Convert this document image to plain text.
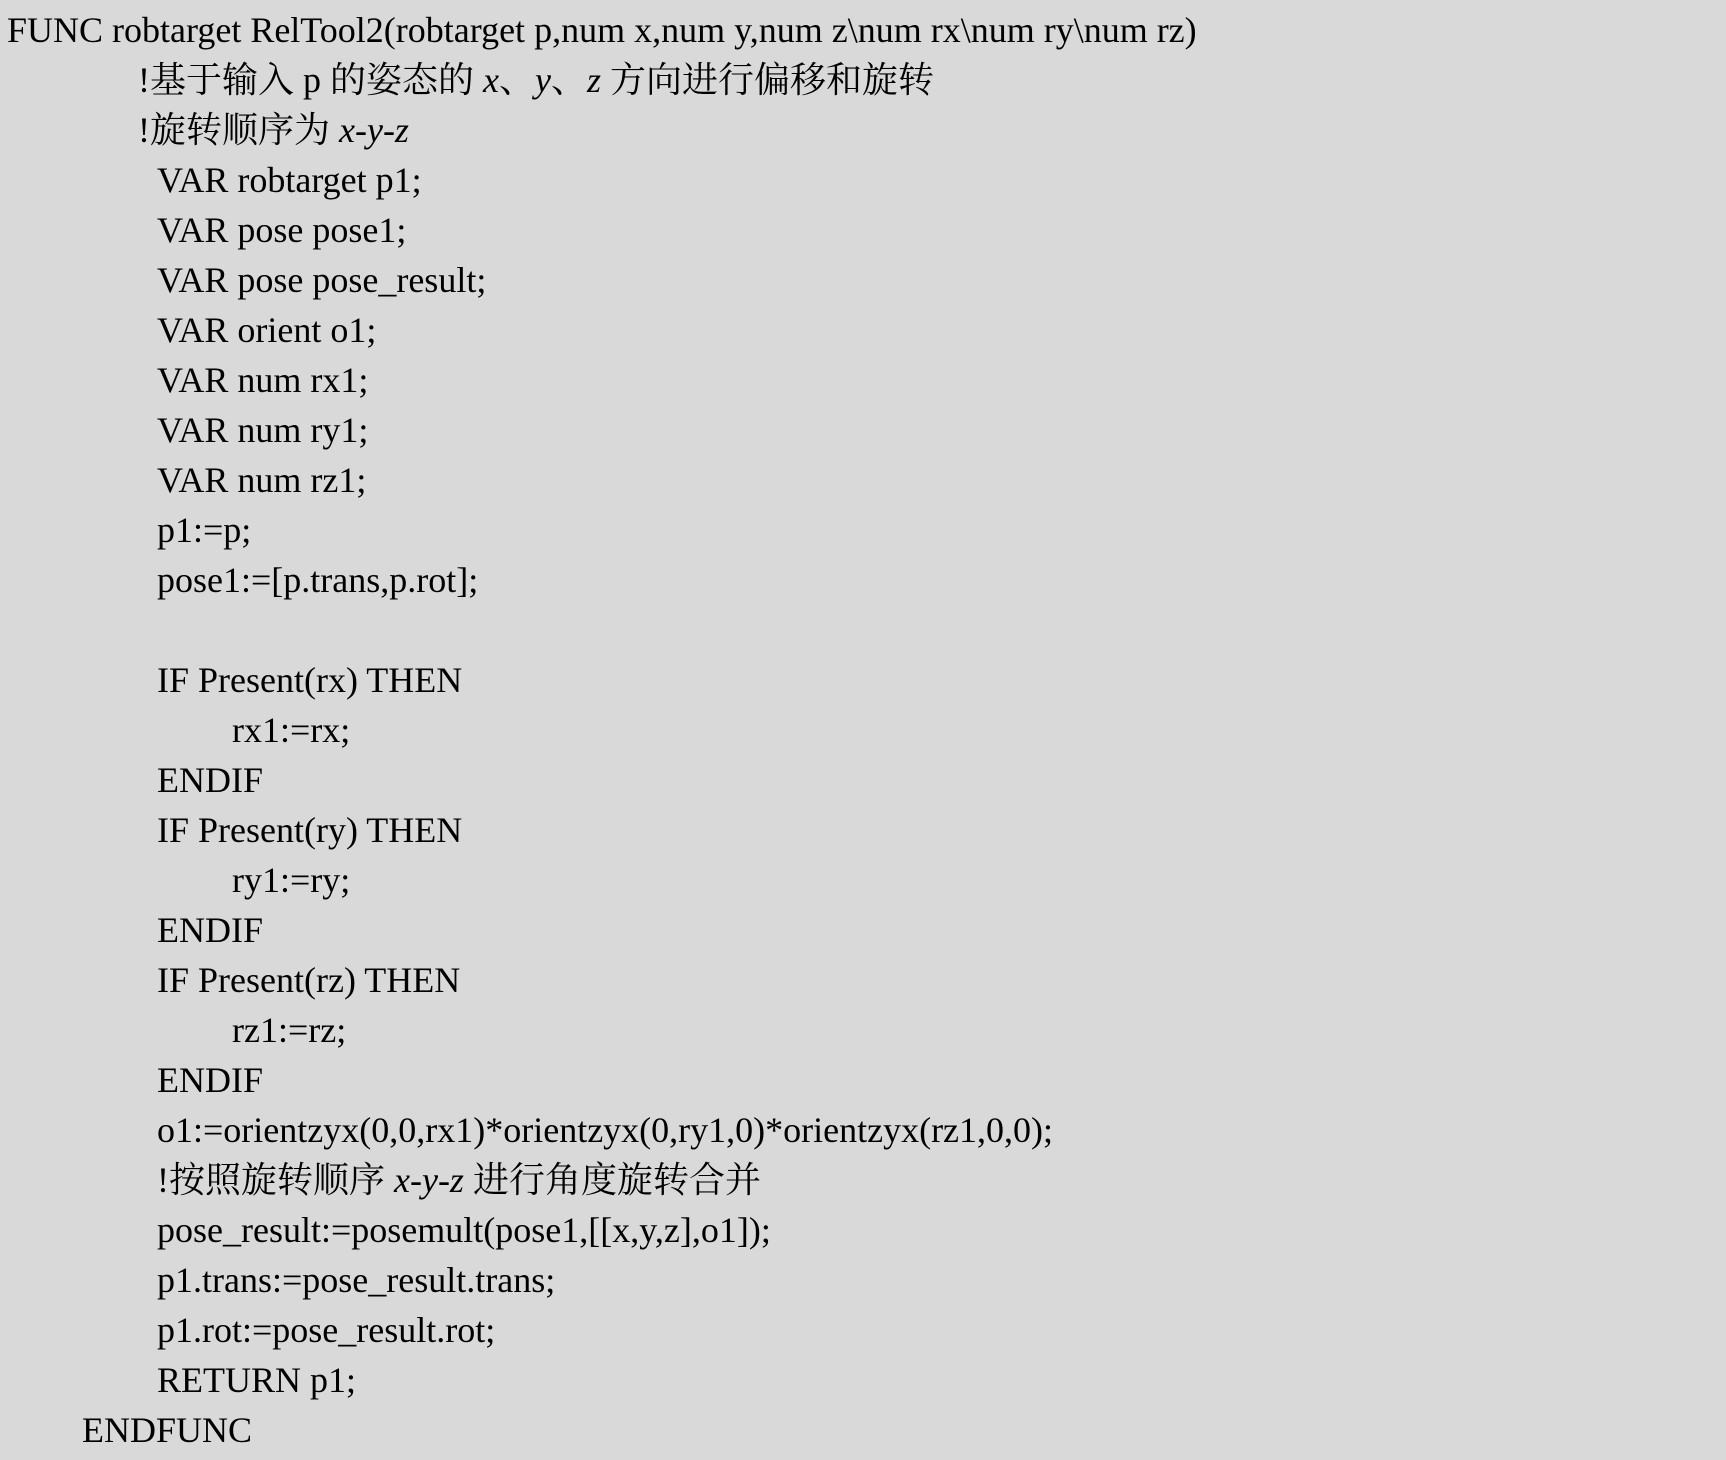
FUNC robtarget RelTool2(robtarget p,num x,num y,num z\num rx\num ry\num rz)
!基于输入 p 的姿态的 x、y、z 方向进行偏移和旋转
!旋转顺序为 x-y-z
VAR robtarget p1;
VAR pose pose1;
VAR pose pose_result;
VAR orient o1;
VAR num rx1;
VAR num ry1;
VAR num rz1;
p1:=p;
pose1:=[p.trans,p.rot];
IF Present(rx) THEN
rx1:=rx;
ENDIF
IF Present(ry) THEN
ry1:=ry;
ENDIF
IF Present(rz) THEN
rz1:=rz;
ENDIF
o1:=orientzyx(0,0,rx1)*orientzyx(0,ry1,0)*orientzyx(rz1,0,0);
!按照旋转顺序 x-y-z 进行角度旋转合并
pose_result:=posemult(pose1,[[x,y,z],o1]);
p1.trans:=pose_result.trans;
p1.rot:=pose_result.rot;
RETURN p1;
ENDFUNC
